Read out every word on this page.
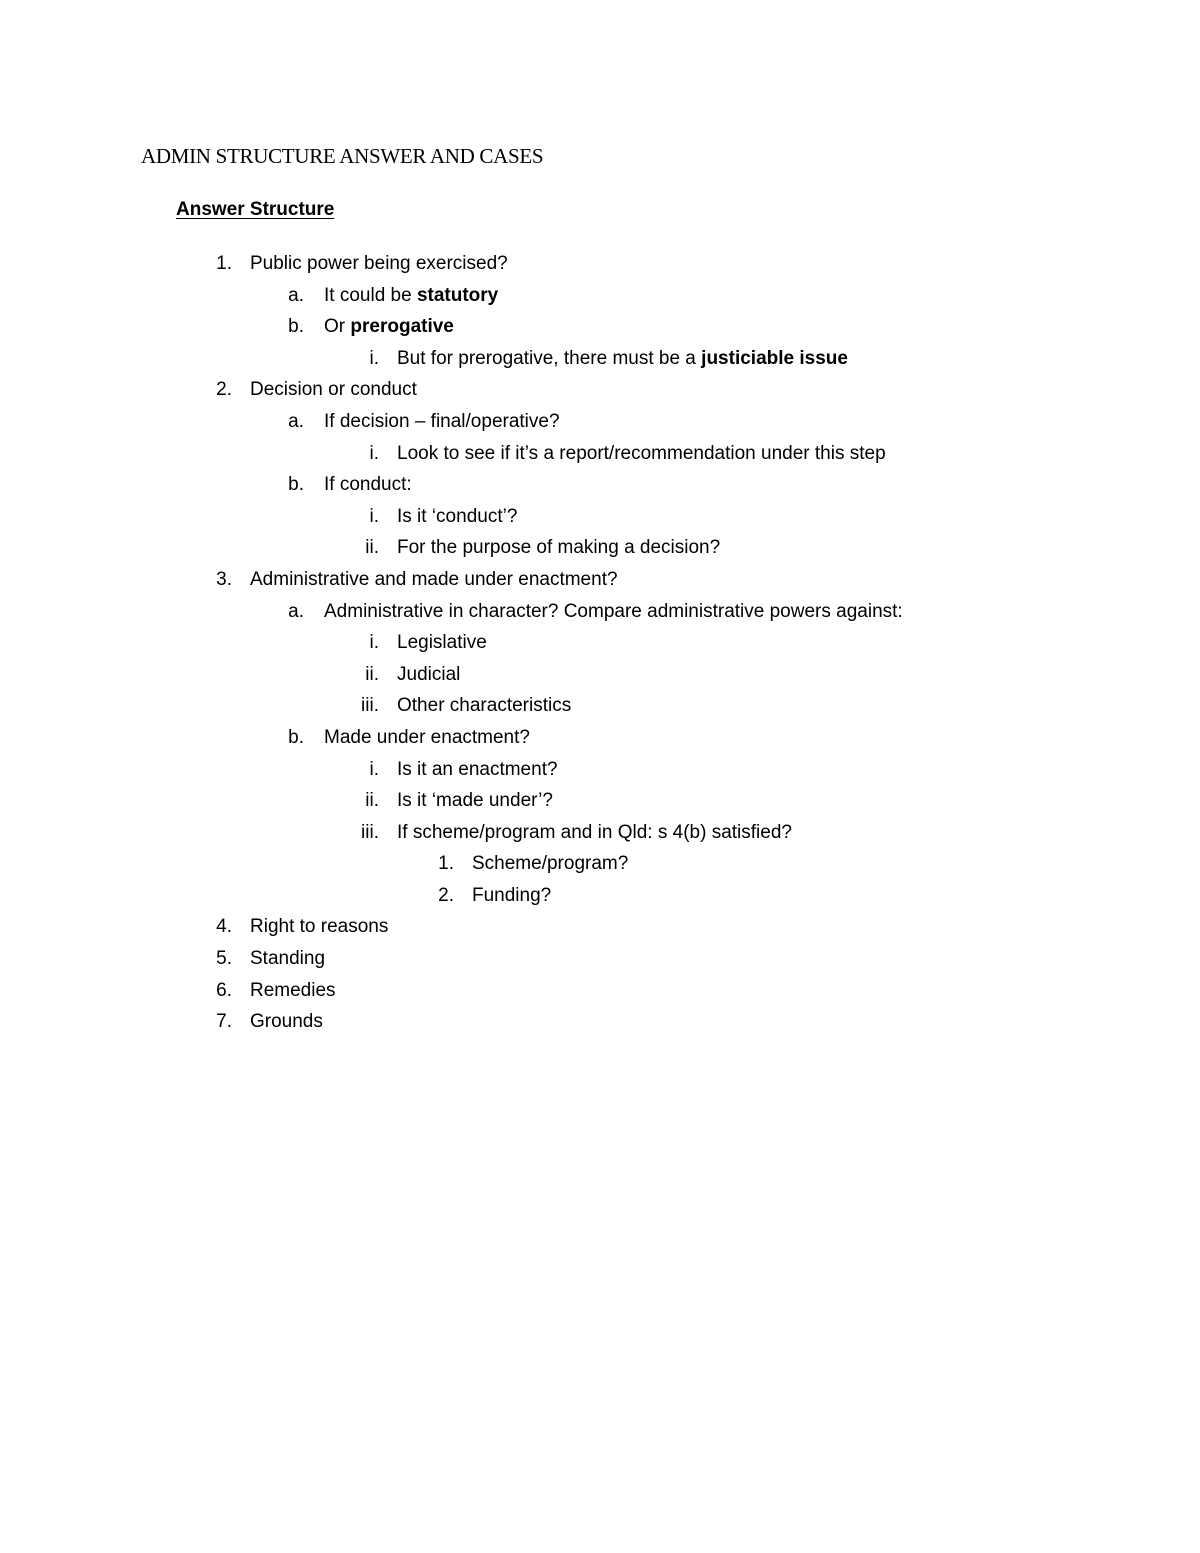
ADMIN STRUCTURE ANSWER AND CASES
Answer Structure
1. Public power being exercised?
a. It could be statutory
b. Or prerogative
i. But for prerogative, there must be a justiciable issue
2. Decision or conduct
a. If decision – final/operative?
i. Look to see if it’s a report/recommendation under this step
b. If conduct:
i. Is it ‘conduct’?
ii. For the purpose of making a decision?
3. Administrative and made under enactment?
a. Administrative in character? Compare administrative powers against:
i. Legislative
ii. Judicial
iii. Other characteristics
b. Made under enactment?
i. Is it an enactment?
ii. Is it ‘made under’?
iii. If scheme/program and in Qld: s 4(b) satisfied?
1. Scheme/program?
2. Funding?
4. Right to reasons
5. Standing
6. Remedies
7. Grounds
